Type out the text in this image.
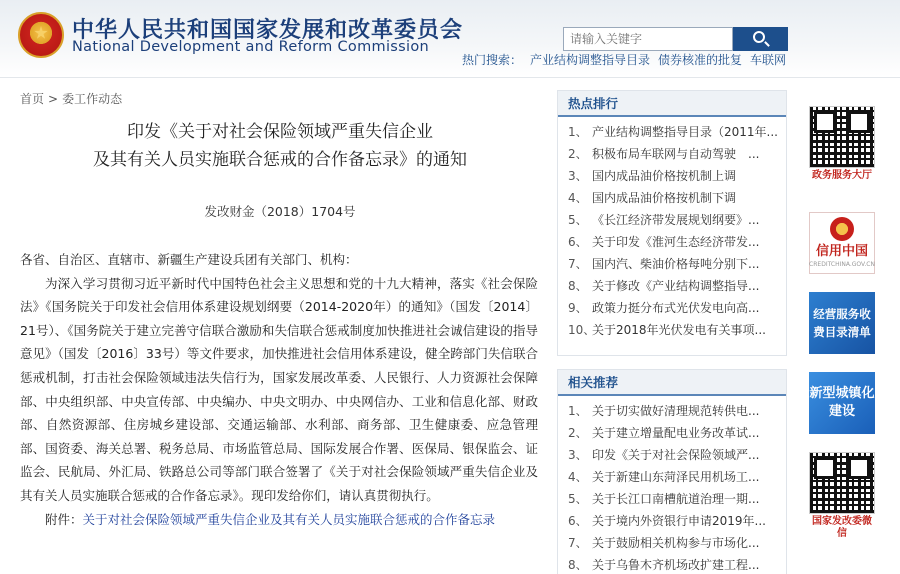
中华人民共和国国家发展和改革委员会
National Development and Reform Commission
请输入关键字
热门搜索： 产业结构调整指导目录 债券核准的批复 车联网
首页 > 委工作动态
印发《关于对社会保险领域严重失信企业
及其有关人员实施联合惩戒的合作备忘录》的通知
发改财金（2018）1704号

各省、自治区、直辖市、新疆生产建设兵团有关部门、机构：

为深入学习贯彻习近平新时代中国特色社会主义思想和党的十九大精神，落实《社会保险法》《国务院关于印发社会信用体系建设规划纲要（2014-2020年）的通知》（国发〔2014〕21号）、《国务院关于建立完善守信联合激励和失信联合惩戒制度加快推进社会诚信建设的指导意见》（国发〔2016〕33号）等文件要求，加快推进社会信用体系建设，健全跨部门失信联合惩戒机制，打击社会保险领域违法失信行为，国家发展改革委、人民银行、人力资源社会保障部、中央组织部、中央宣传部、中央编办、中央文明办、中央网信办、工业和信息化部、财政部、自然资源部、住房城乡建设部、交通运输部、水利部、商务部、卫生健康委、应急管理部、国资委、海关总署、税务总局、市场监管总局、国际发展合作署、医保局、银保监会、证监会、民航局、外汇局、铁路总公司等部门联合签署了《关于对社会保险领域严重失信企业及其有关人员实施联合惩戒的合作备忘录》。现印发给你们，请认真贯彻执行。

附件：关于对社会保险领域严重失信企业及其有关人员实施联合惩戒的合作备忘录

热点排行
1、 产业结构调整指导目录（2011年...
2、 积极布局车联网与自动驾驶　...
3、 国内成品油价格按机制上调
4、 国内成品油价格按机制下调
5、 《长江经济带发展规划纲要》...
6、 关于印发《淮河生态经济带发...
7、 国内汽、柴油价格每吨分别下...
8、 关于修改《产业结构调整指导...
9、 政策力挺分布式光伏发电向高...
10、关于2018年光伏发电有关事项...
相关推荐
1、 关于切实做好清理规范转供电...
2、 关于建立增量配电业务改革试...
3、 印发《关于对社会保险领域严...
4、 关于新建山东菏泽民用机场工...
5、 关于长江口南槽航道治理一期...
6、 关于境内外资银行申请2019年...
7、 关于鼓励相关机构参与市场化...
8、 关于乌鲁木齐机场改扩建工程...
政务服务大厅
信用中国
CREDITCHINA.GOV.CN
经营服务收费目录清单
新型城镇化建设
国家发改委微信
